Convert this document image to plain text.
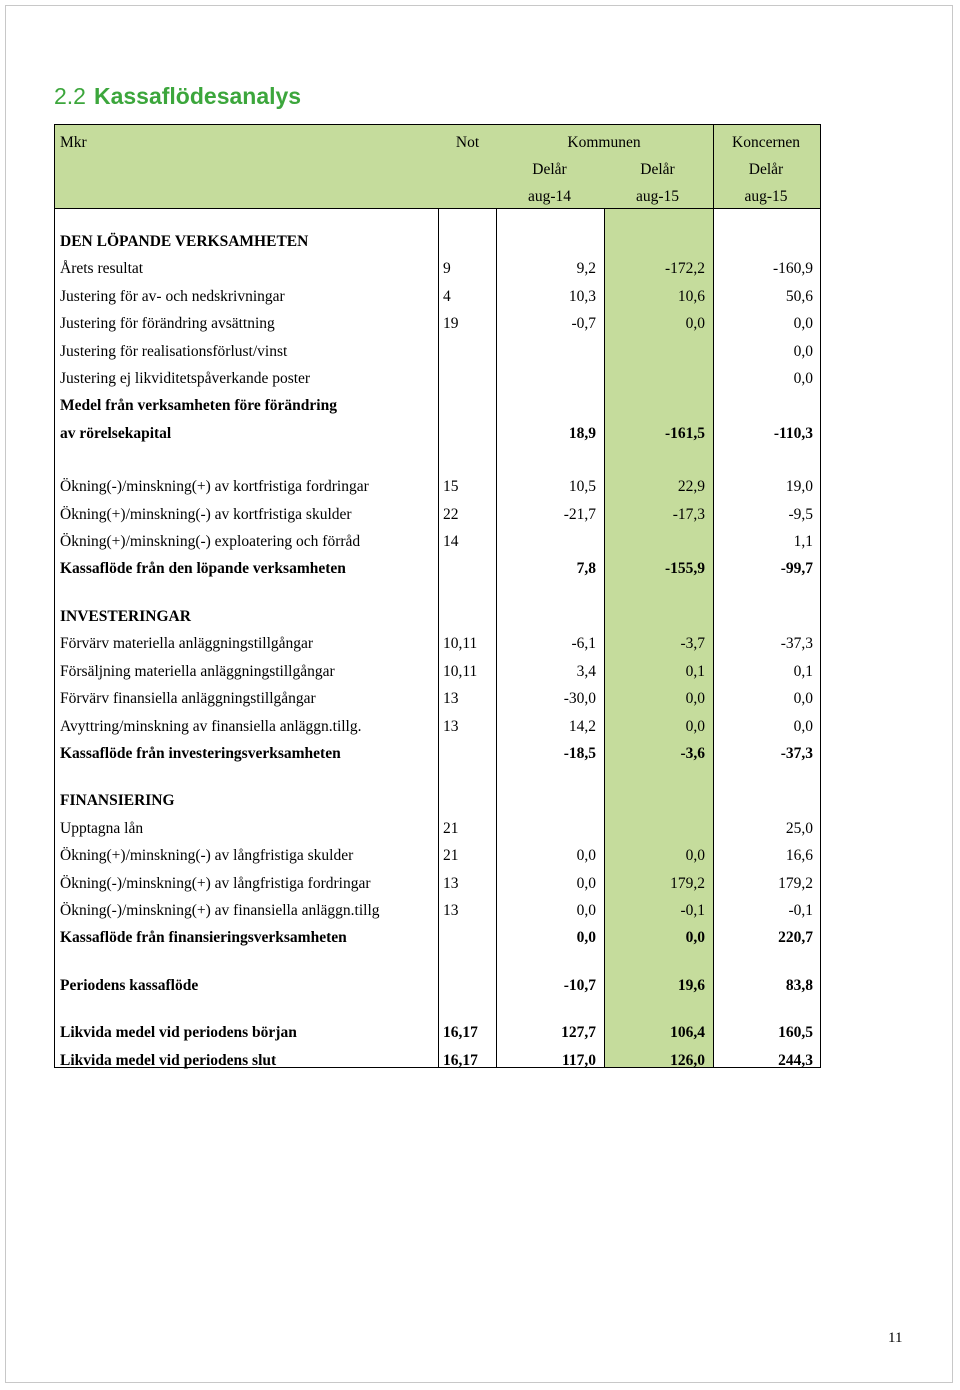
2.2 Kassaflödesanalys
Mkr	Not	Kommunen		Koncernen
		Delår	Delår	Delår
		aug-14	aug-15	aug-15

DEN LÖPANDE VERKSAMHETEN				
Årets resultat	9	9,2	-172,2	-160,9
Justering för av- och nedskrivningar	4	10,3	10,6	50,6
Justering för förändring avsättning	19	-0,7	0,0	0,0
Justering för realisationsförlust/vinst				0,0
Justering ej likviditetspåverkande poster				0,0
Medel från verksamheten före förändring				
av rörelsekapital		18,9	-161,5	-110,3

Ökning(-)/minskning(+) av kortfristiga fordringar	15	10,5	22,9	19,0
Ökning(+)/minskning(-) av kortfristiga skulder	22	-21,7	-17,3	-9,5
Ökning(+)/minskning(-) exploatering och förråd	14			1,1
Kassaflöde från den löpande verksamheten		7,8	-155,9	-99,7

INVESTERINGAR				
Förvärv materiella anläggningstillgångar	10,11	-6,1	-3,7	-37,3
Försäljning materiella anläggningstillgångar	10,11	3,4	0,1	0,1
Förvärv finansiella anläggningstillgångar	13	-30,0	0,0	0,0
Avyttring/minskning av finansiella anläggn.tillg.	13	14,2	0,0	0,0
Kassaflöde från investeringsverksamheten		-18,5	-3,6	-37,3

FINANSIERING				
Upptagna lån	21			25,0
Ökning(+)/minskning(-) av långfristiga skulder	21	0,0	0,0	16,6
Ökning(-)/minskning(+) av långfristiga fordringar	13	0,0	179,2	179,2
Ökning(-)/minskning(+) av finansiella anläggn.tillg	13	0,0	-0,1	-0,1
Kassaflöde från finansieringsverksamheten		0,0	0,0	220,7

Periodens kassaflöde		-10,7	19,6	83,8

Likvida medel vid periodens början	16,17	127,7	106,4	160,5
Likvida medel vid periodens slut	16,17	117,0	126,0	244,3
11
